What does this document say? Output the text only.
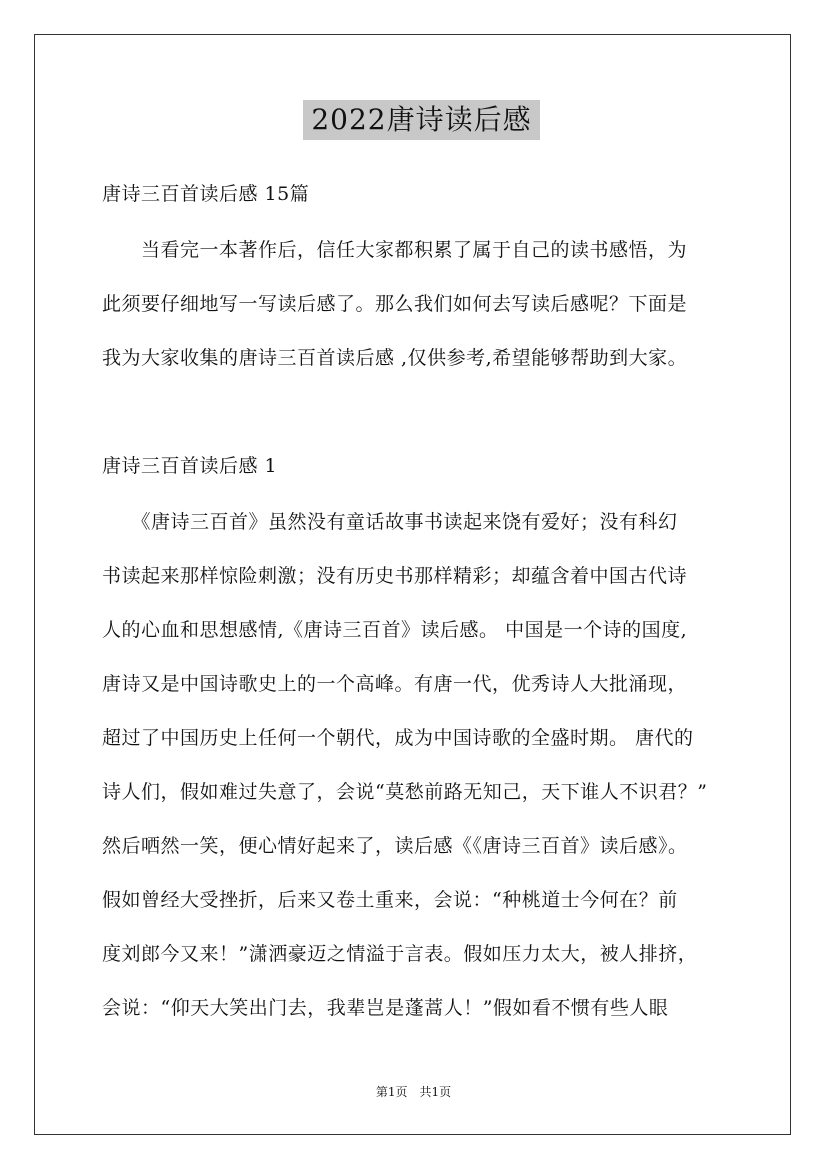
2022唐诗读后感
唐诗三百首读后感 15篇
　　当看完一本著作后，信任大家都积累了属于自己的读书感悟，为
此须要仔细地写一写读后感了。那么我们如何去写读后感呢？下面是
我为大家收集的唐诗三百首读后感 ,仅供参考,希望能够帮助到大家。
唐诗三百首读后感 1
　　《唐诗三百首》虽然没有童话故事书读起来饶有爱好；没有科幻
书读起来那样惊险刺激；没有历史书那样精彩；却蕴含着中国古代诗
人的心血和思想感情,《唐诗三百首》读后感。 中国是一个诗的国度,
唐诗又是中国诗歌史上的一个高峰。有唐一代，优秀诗人大批涌现，
超过了中国历史上任何一个朝代，成为中国诗歌的全盛时期。 唐代的
诗人们，假如难过失意了，会说“莫愁前路无知己，天下谁人不识君？”
然后哂然一笑，便心情好起来了，读后感《《唐诗三百首》读后感》。
假如曾经大受挫折，后来又卷土重来，会说：“种桃道士今何在？前
度刘郎今又来！”潇洒豪迈之情溢于言表。假如压力太大，被人排挤，
会说：“仰天大笑出门去，我辈岂是蓬蒿人！”假如看不惯有些人眼
第1页　共1页
